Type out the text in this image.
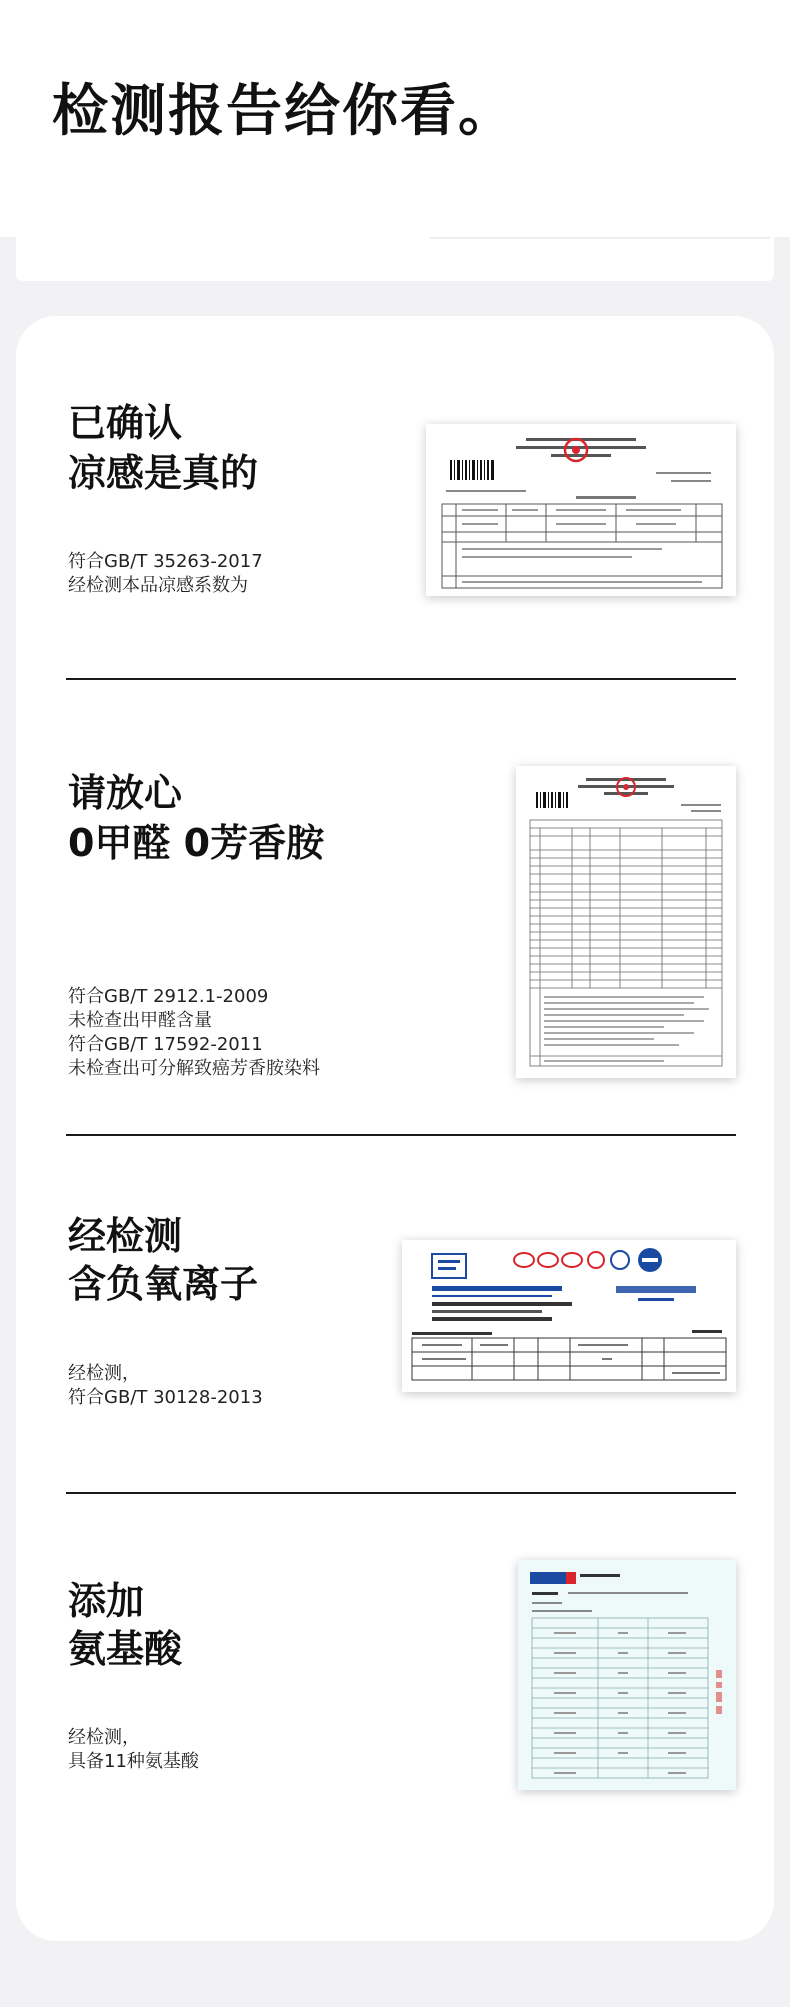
检测报告给你看。
已确认
凉感是真的
符合GB/T 35263-2017
经检测本品凉感系数为
请放心
0甲醛 0芳香胺
符合GB/T 2912.1-2009
未检查出甲醛含量
符合GB/T 17592-2011
未检查出可分解致癌芳香胺染料
经检测
含负氧离子
经检测，
符合GB/T 30128-2013
添加
氨基酸
经检测，
具备11种氨基酸
